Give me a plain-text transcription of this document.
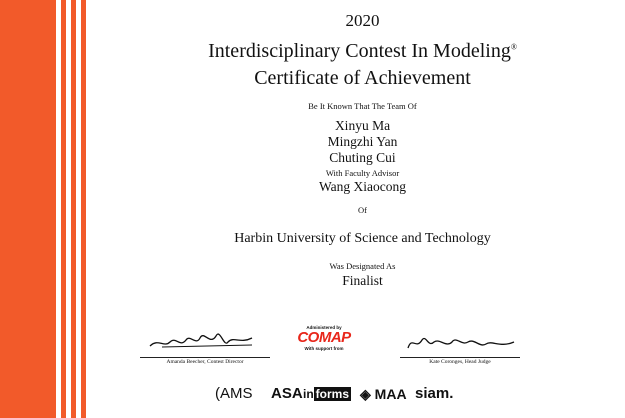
2020
Interdisciplinary Contest In Modeling®
Certificate of Achievement
Be It Known That The Team Of
Xinyu Ma
Mingzhi Yan
Chuting Cui
With Faculty Advisor
Wang Xiaocong
Of
Harbin University of Science and Technology
Was Designated As
Finalist
Amanda Beecher, Contest Director
Administered by
COMAP
With support from
Kate Coronges, Head Judge
(AMS ASA in forms ◈ MAA siam.
